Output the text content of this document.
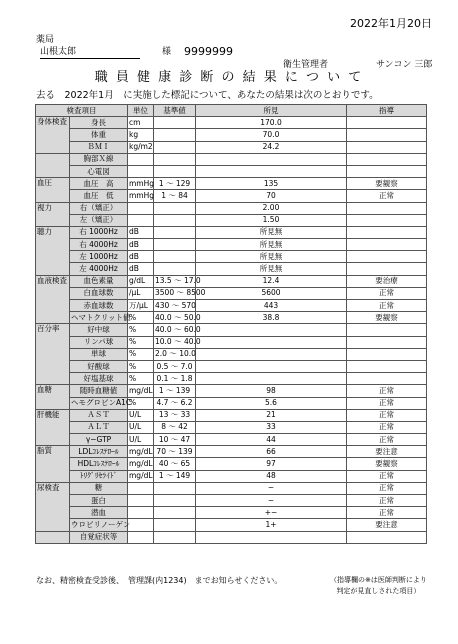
2022年1月20日
薬局
山根太郎	様 9999999
衛生管理者	サンコン 三郎
職 員 健 康 診 断 の 結 果 に つ い て
去る　2022年1月　に実施した標記について、あなたの結果は次のとおりです。
検査項目		単位	基準値	所見	指導
身体検査	身長	cm		170.0	
	体重	kg		70.0	
	ＢＭＩ	kg/m2		24.2	
	胸部Ｘ線				
	心電図				
血圧	血圧　高	mmHg	1 ～ 129	135	要観察
	血圧　低	mmHg	1 ～ 84	70	正常
視力	右（矯正）			2.00	
	左（矯正）			1.50	
聴力	右 1000Hz	dB		所見無	
	右 4000Hz	dB		所見無	
	左 1000Hz	dB		所見無	
	左 4000Hz	dB		所見無	
血液検査	血色素量	g/dL	13.5 ～ 17.0	12.4	要治療
	白血球数	/μL	3500 ～ 8500	5600	正常
	赤血球数	万/μL	430 ～ 570	443	正常
	ヘマトクリット値	%	40.0 ～ 50.0	38.8	要観察
百分率	好中球	%	40.0 ～ 60.0		
	リンパ球	%	10.0 ～ 40.0		
	単球	%	2.0 ～ 10.0		
	好酸球	%	0.5 ～ 7.0		
	好塩基球	%	0.1 ～ 1.8		
血糖	随時血糖値	mg/dL	1 ～ 139	98	正常
	ヘモグロビンA1C	%	4.7 ～ 6.2	5.6	正常
肝機能	ＡＳＴ	U/L	13 ～ 33	21	正常
	ＡＬＴ	U/L	8 ～ 42	33	正常
	γ−GTP	U/L	10 ～ 47	44	正常
脂質	LDLｺﾚｽﾃﾛｰﾙ	mg/dL	70 ～ 139	66	要注意
	HDLｺﾚｽﾃﾛｰﾙ	mg/dL	40 ～ 65	97	要観察
	ﾄﾘｸﾞﾘｾﾗｲﾄﾞ	mg/dL	1 ～ 149	48	正常
尿検査	糖			−	正常
	蛋白			−	正常
	潜血			+−	正常
	ウロビリノーゲン			1+	要注意
	自覚症状等				
なお、精密検査受診後、　管理課(内1234)　までお知らせください。	（指導欄の※は医師判断により
判定が見直しされた項目）
